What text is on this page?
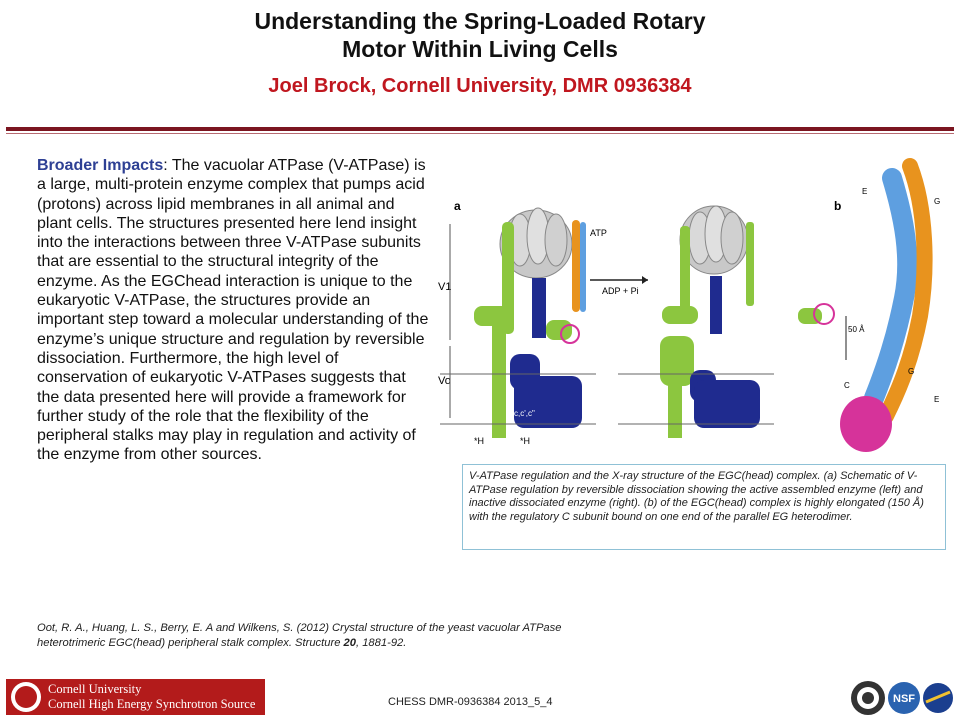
Understanding the Spring-Loaded Rotary
Motor Within Living Cells
Joel Brock, Cornell University, DMR 0936384
Broader Impacts: The vacuolar ATPase (V-ATPase) is a large, multi-protein enzyme complex that pumps acid (protons) across lipid membranes in all animal and plant cells. The structures presented here lend insight into the interactions between three V-ATPase subunits that are essential to the structural integrity of the enzyme. As the EGChead interaction is unique to the eukaryotic V-ATPase, the structures provide an important step toward a molecular understanding of the enzyme’s unique structure and regulation by reversible dissociation. Furthermore, the high level of conservation of eukaryotic V-ATPases suggests that the data presented here will provide a framework for further study of the role that the flexibility of the peripheral stalks may play in regulation and activity of the enzyme from other sources.
a
V1
Vo
c,c',c"
*H	*H
ATP
ADP + Pi
b
50 Å
G
E
E
G
C
V-ATPase regulation and the X-ray structure of the EGC(head) complex. (a) Schematic of V-ATPase regulation by reversible dissociation showing the active assembled enzyme (left) and inactive dissociated enzyme (right). (b) of the EGC(head) complex is highly elongated (150 Å) with the regulatory C subunit bound on one end of the parallel EG heterodimer.
Oot, R. A., Huang, L. S., Berry, E. A and Wilkens, S. (2012) Crystal structure of the yeast vacuolar ATPase heterotrimeric EGC(head) peripheral stalk complex. Structure 20, 1881-92.
Cornell University
Cornell High Energy Synchrotron Source	CHESS DMR-0936384 2013_5_4	NSF
